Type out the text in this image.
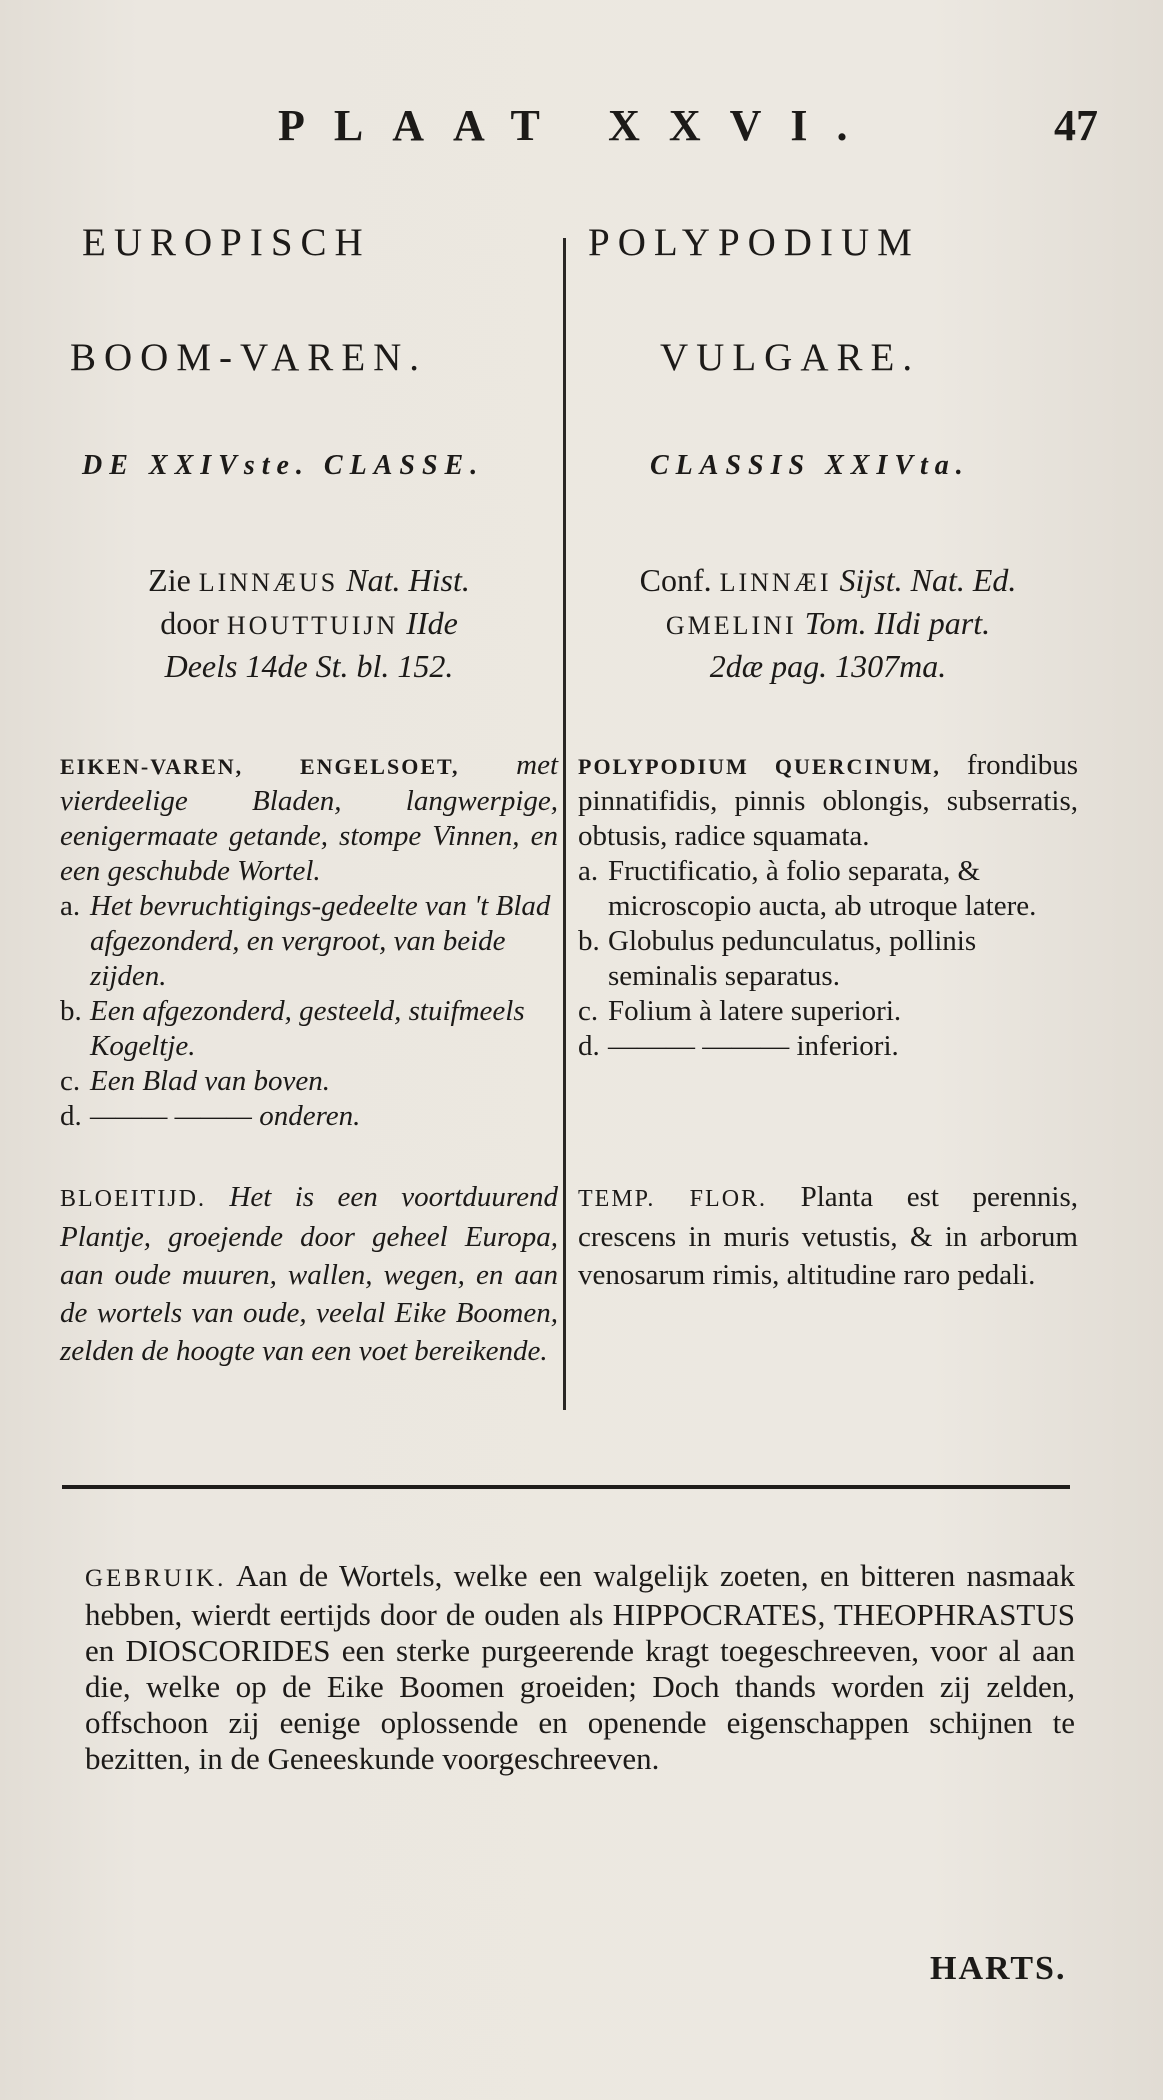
PLAAT XXVI.	47
EUROPISCH
BOOM-VAREN.
DE XXIVste. CLASSE.
Zie LINNÆUS Nat. Hist.
door HOUTTUIJN IIde
Deels 14de St. bl. 152.
EIKEN-VAREN, ENGELSOET, met vierdeelige Bladen, langwerpige, eenigermaate getande, stompe Vinnen, en een geschubde Wortel.
a. Het bevruchtigings-gedeelte van 't Blad afgezonderd, en vergroot, van beide zijden.
b. Een afgezonderd, gesteeld, stuifmeels Kogeltje.
c. Een Blad van boven.
d. ——— ——— onderen.
BLOEITIJD. Het is een voortduurend Plantje, groejende door geheel Europa, aan oude muuren, wallen, wegen, en aan de wortels van oude, veelal Eike Boomen, zelden de hoogte van een voet bereikende.
POLYPODIUM
VULGARE.
CLASSIS XXIVta.
Conf. LINNÆI Sijst. Nat. Ed.
GMELINI Tom. IIdi part.
2dæ pag. 1307ma.
POLYPODIUM QUERCINUM, frondibus pinnatifidis, pinnis oblongis, subserratis, obtusis, radice squamata.
a. Fructificatio, à folio separata, & microscopio aucta, ab utroque latere.
b. Globulus pedunculatus, pollinis seminalis separatus.
c. Folium à latere superiori.
d. ——— ——— inferiori.
TEMP. FLOR. Planta est perennis, crescens in muris vetustis, & in arborum venosarum rimis, altitudine raro pedali.
GEBRUIK. Aan de Wortels, welke een walgelijk zoeten, en bitteren nasmaak hebben, wierdt eertijds door de ouden als HIPPOCRATES, THEOPHRASTUS en DIOSCORIDES een sterke purgeerende kragt toegeschreeven, voor al aan die, welke op de Eike Boomen groeiden; Doch thands worden zij zelden, offschoon zij eenige oplossende en openende eigenschappen schijnen te bezitten, in de Geneeskunde voorgeschreeven.
HARTS.
